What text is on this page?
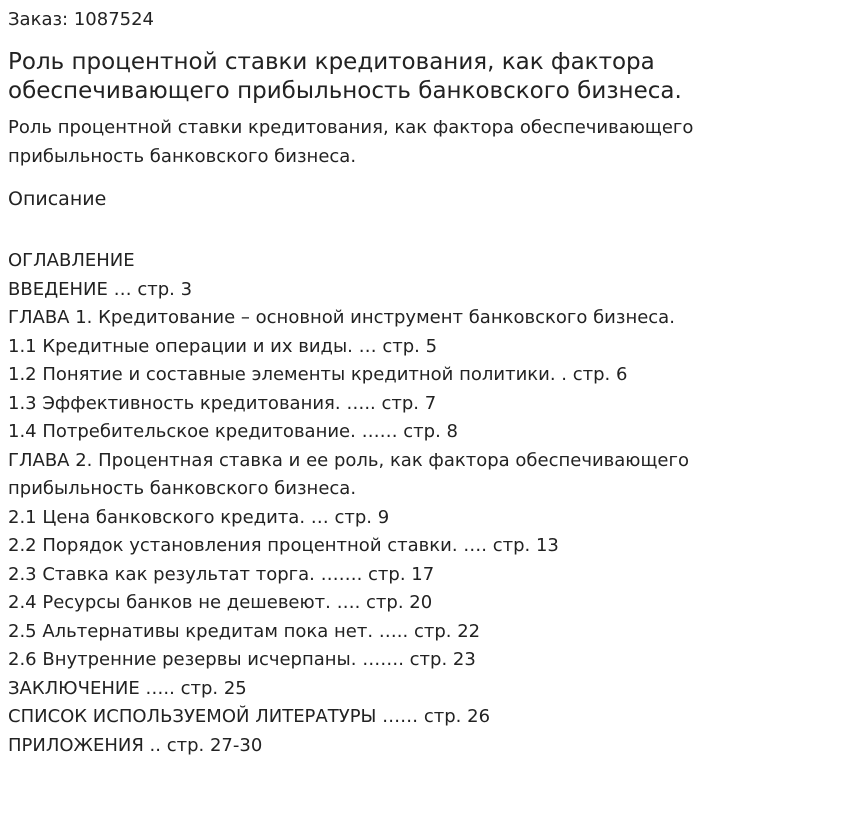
Заказ: 1087524
Роль процентной ставки кредитования, как фактора обеспечивающего прибыльность банковского бизнеса.

Роль процентной ставки кредитования, как фактора обеспечивающего прибыльность банковского бизнеса.

Описание
ОГЛАВЛЕНИЕ
ВВЕДЕНИЕ … стр. 3
ГЛАВА 1. Кредитование – основной инструмент банковского бизнеса.
1.1 Кредитные операции и их виды. … стр. 5
1.2 Понятие и составные элементы кредитной политики. . стр. 6
1.3 Эффективность кредитования. ….. стр. 7
1.4 Потребительское кредитование. …… стр. 8
ГЛАВА 2. Процентная ставка и ее роль, как фактора обеспечивающего прибыльность банковского бизнеса.
2.1 Цена банковского кредита. … стр. 9
2.2 Порядок установления процентной ставки. …. стр. 13
2.3 Ставка как результат торга. ……. стр. 17
2.4 Ресурсы банков не дешевеют. …. стр. 20
2.5 Альтернативы кредитам пока нет. ….. стр. 22
2.6 Внутренние резервы исчерпаны. ……. стр. 23
ЗАКЛЮЧЕНИЕ ….. стр. 25
СПИСОК ИСПОЛЬЗУЕМОЙ ЛИТЕРАТУРЫ …… стр. 26
ПРИЛОЖЕНИЯ .. стр. 27-30
